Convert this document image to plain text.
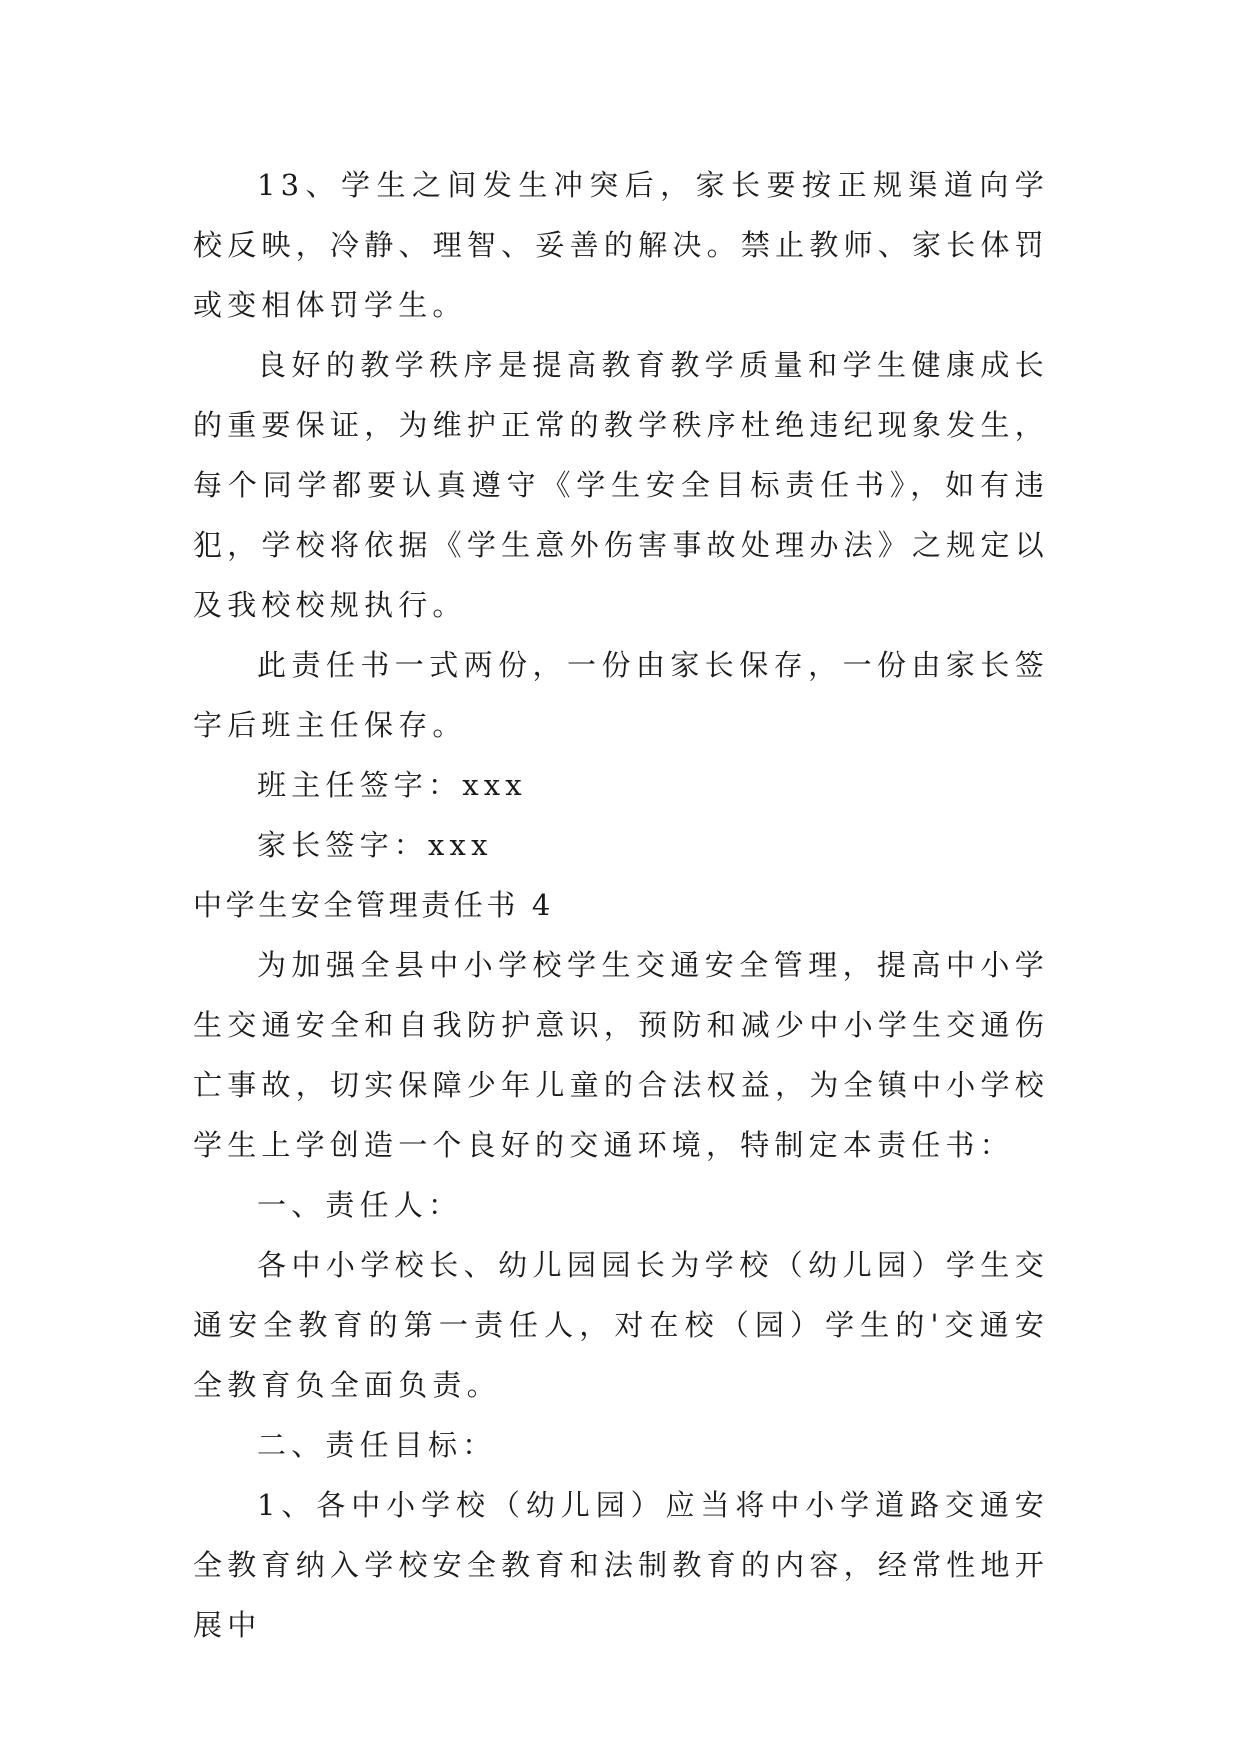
13、学生之间发生冲突后，家长要按正规渠道向学校反映，冷静、理智、妥善的解决。禁止教师、家长体罚或变相体罚学生。

良好的教学秩序是提高教育教学质量和学生健康成长的重要保证，为维护正常的教学秩序杜绝违纪现象发生，每个同学都要认真遵守《学生安全目标责任书》，如有违犯，学校将依据《学生意外伤害事故处理办法》之规定以及我校校规执行。

此责任书一式两份，一份由家长保存，一份由家长签字后班主任保存。

班主任签字：xxx

家长签字：xxx

中学生安全管理责任书 4

为加强全县中小学校学生交通安全管理，提高中小学生交通安全和自我防护意识，预防和减少中小学生交通伤亡事故，切实保障少年儿童的合法权益，为全镇中小学校学生上学创造一个良好的交通环境，特制定本责任书：

一、责任人：

各中小学校长、幼儿园园长为学校（幼儿园）学生交通安全教育的第一责任人，对在校（园）学生的'交通安全教育负全面负责。

二、责任目标：

1、各中小学校（幼儿园）应当将中小学道路交通安全教育纳入学校安全教育和法制教育的内容，经常性地开展中
